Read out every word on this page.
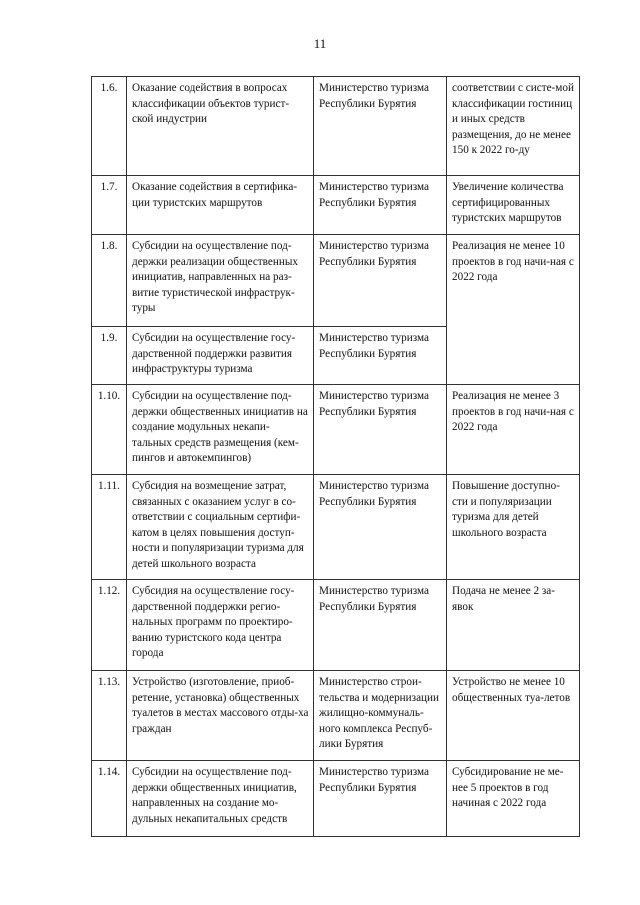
11
1.6.	Оказание содействия в вопросах классификации объектов турист-ской индустрии	Министерство туризма Республики Бурятия	соответствии с систе-мой классификации гостиниц и иных средств размещения, до не менее 150 к 2022 го-ду
1.7.	Оказание содействия в сертифика-ции туристских маршрутов	Министерство туризма Республики Бурятия	Увеличение количества сертифицированных туристских маршрутов
1.8.	Субсидии на осуществление под-держки реализации общественных инициатив, направленных на раз-витие туристической инфраструк-туры	Министерство туризма Республики Бурятия	Реализация не менее 10 проектов в год начи-ная с 2022 года
1.9.	Субсидии на осуществление госу-дарственной поддержки развития инфраструктуры туризма	Министерство туризма Республики Бурятия	
1.10.	Субсидии на осуществление под-держки общественных инициатив на создание модульных некапи-тальных средств размещения (кем-пингов и автокемпингов)	Министерство туризма Республики Бурятия	Реализация не менее 3 проектов в год начи-ная с 2022 года
1.11.	Субсидия на возмещение затрат, связанных с оказанием услуг в со-ответствии с социальным сертифи-катом в целях повышения доступ-ности и популяризации туризма для детей школьного возраста	Министерство туризма Республики Бурятия	Повышение доступно-сти и популяризации туризма для детей школьного возраста
1.12.	Субсидия на осуществление госу-дарственной поддержки регио-нальных программ по проектиро-ванию туристского кода центра города	Министерство туризма Республики Бурятия	Подача не менее 2 за-явок
1.13.	Устройство (изготовление, приоб-ретение, установка) общественных туалетов в местах массового отды-ха граждан	Министерство строи-тельства и модернизации жилищно-коммуналь-ного комплекса Респуб-лики Бурятия	Устройство не менее 10 общественных туа-летов
1.14.	Субсидии на осуществление под-держки общественных инициатив, направленных на создание мо-дульных некапитальных средств	Министерство туризма Республики Бурятия	Субсидирование не ме-нее 5 проектов в год начиная с 2022 года
